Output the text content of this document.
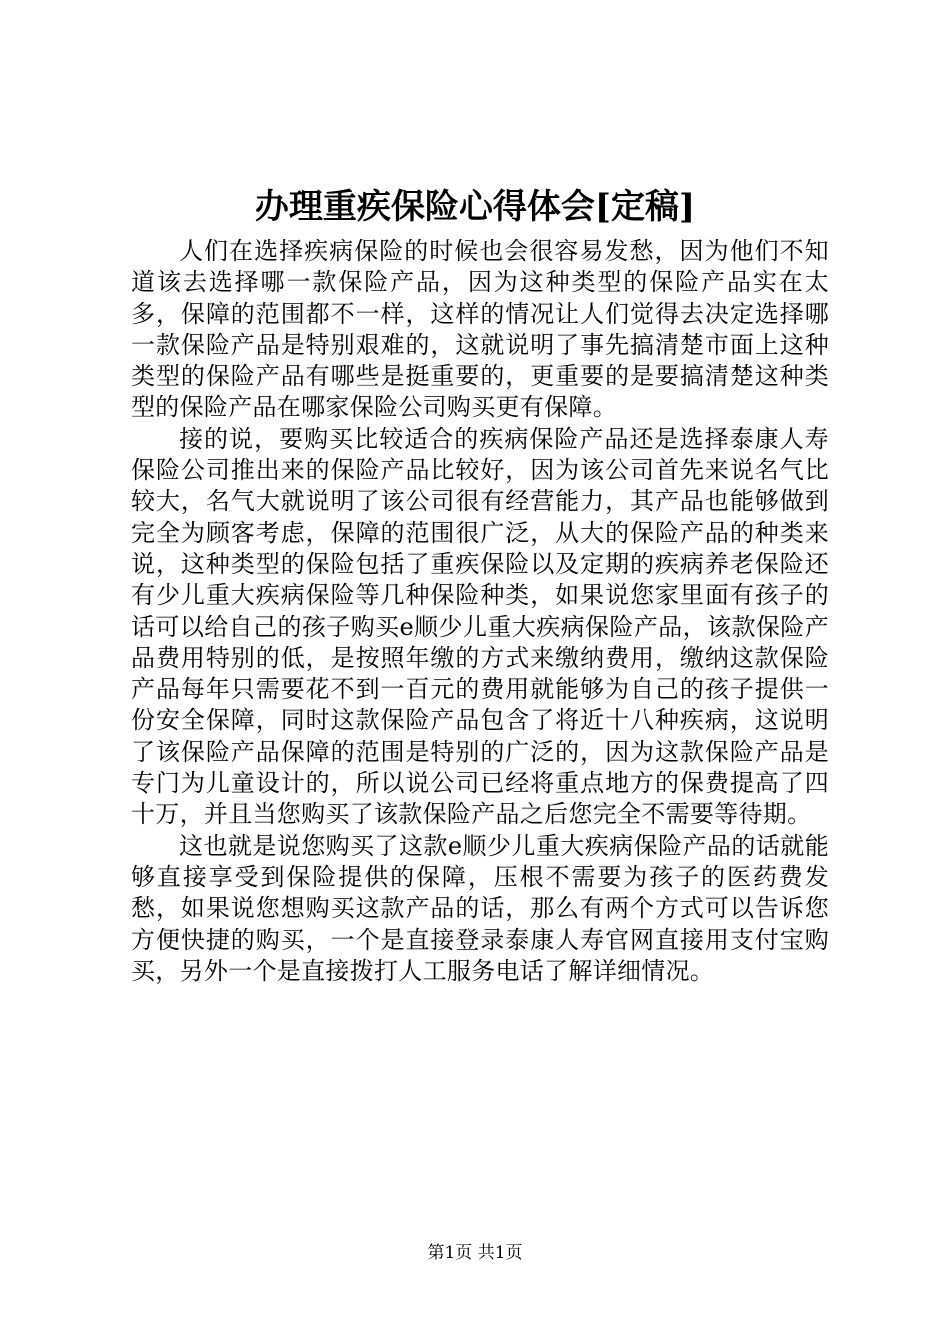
办理重疾保险心得体会[定稿]

人们在选择疾病保险的时候也会很容易发愁，因为他们不知道该去选择哪一款保险产品，因为这种类型的保险产品实在太多，保障的范围都不一样，这样的情况让人们觉得去决定选择哪一款保险产品是特别艰难的，这就说明了事先搞清楚市面上这种类型的保险产品有哪些是挺重要的，更重要的是要搞清楚这种类型的保险产品在哪家保险公司购买更有保障。

接的说，要购买比较适合的疾病保险产品还是选择泰康人寿保险公司推出来的保险产品比较好，因为该公司首先来说名气比较大，名气大就说明了该公司很有经营能力，其产品也能够做到完全为顾客考虑，保障的范围很广泛，从大的保险产品的种类来说，这种类型的保险包括了重疾保险以及定期的疾病养老保险还有少儿重大疾病保险等几种保险种类，如果说您家里面有孩子的话可以给自己的孩子购买e顺少儿重大疾病保险产品，该款保险产品费用特别的低，是按照年缴的方式来缴纳费用，缴纳这款保险产品每年只需要花不到一百元的费用就能够为自己的孩子提供一份安全保障，同时这款保险产品包含了将近十八种疾病，这说明了该保险产品保障的范围是特别的广泛的，因为这款保险产品是专门为儿童设计的，所以说公司已经将重点地方的保费提高了四十万，并且当您购买了该款保险产品之后您完全不需要等待期。

这也就是说您购买了这款e顺少儿重大疾病保险产品的话就能够直接享受到保险提供的保障，压根不需要为孩子的医药费发愁，如果说您想购买这款产品的话，那么有两个方式可以告诉您方便快捷的购买，一个是直接登录泰康人寿官网直接用支付宝购买，另外一个是直接拨打人工服务电话了解详细情况。

第1页 共1页
